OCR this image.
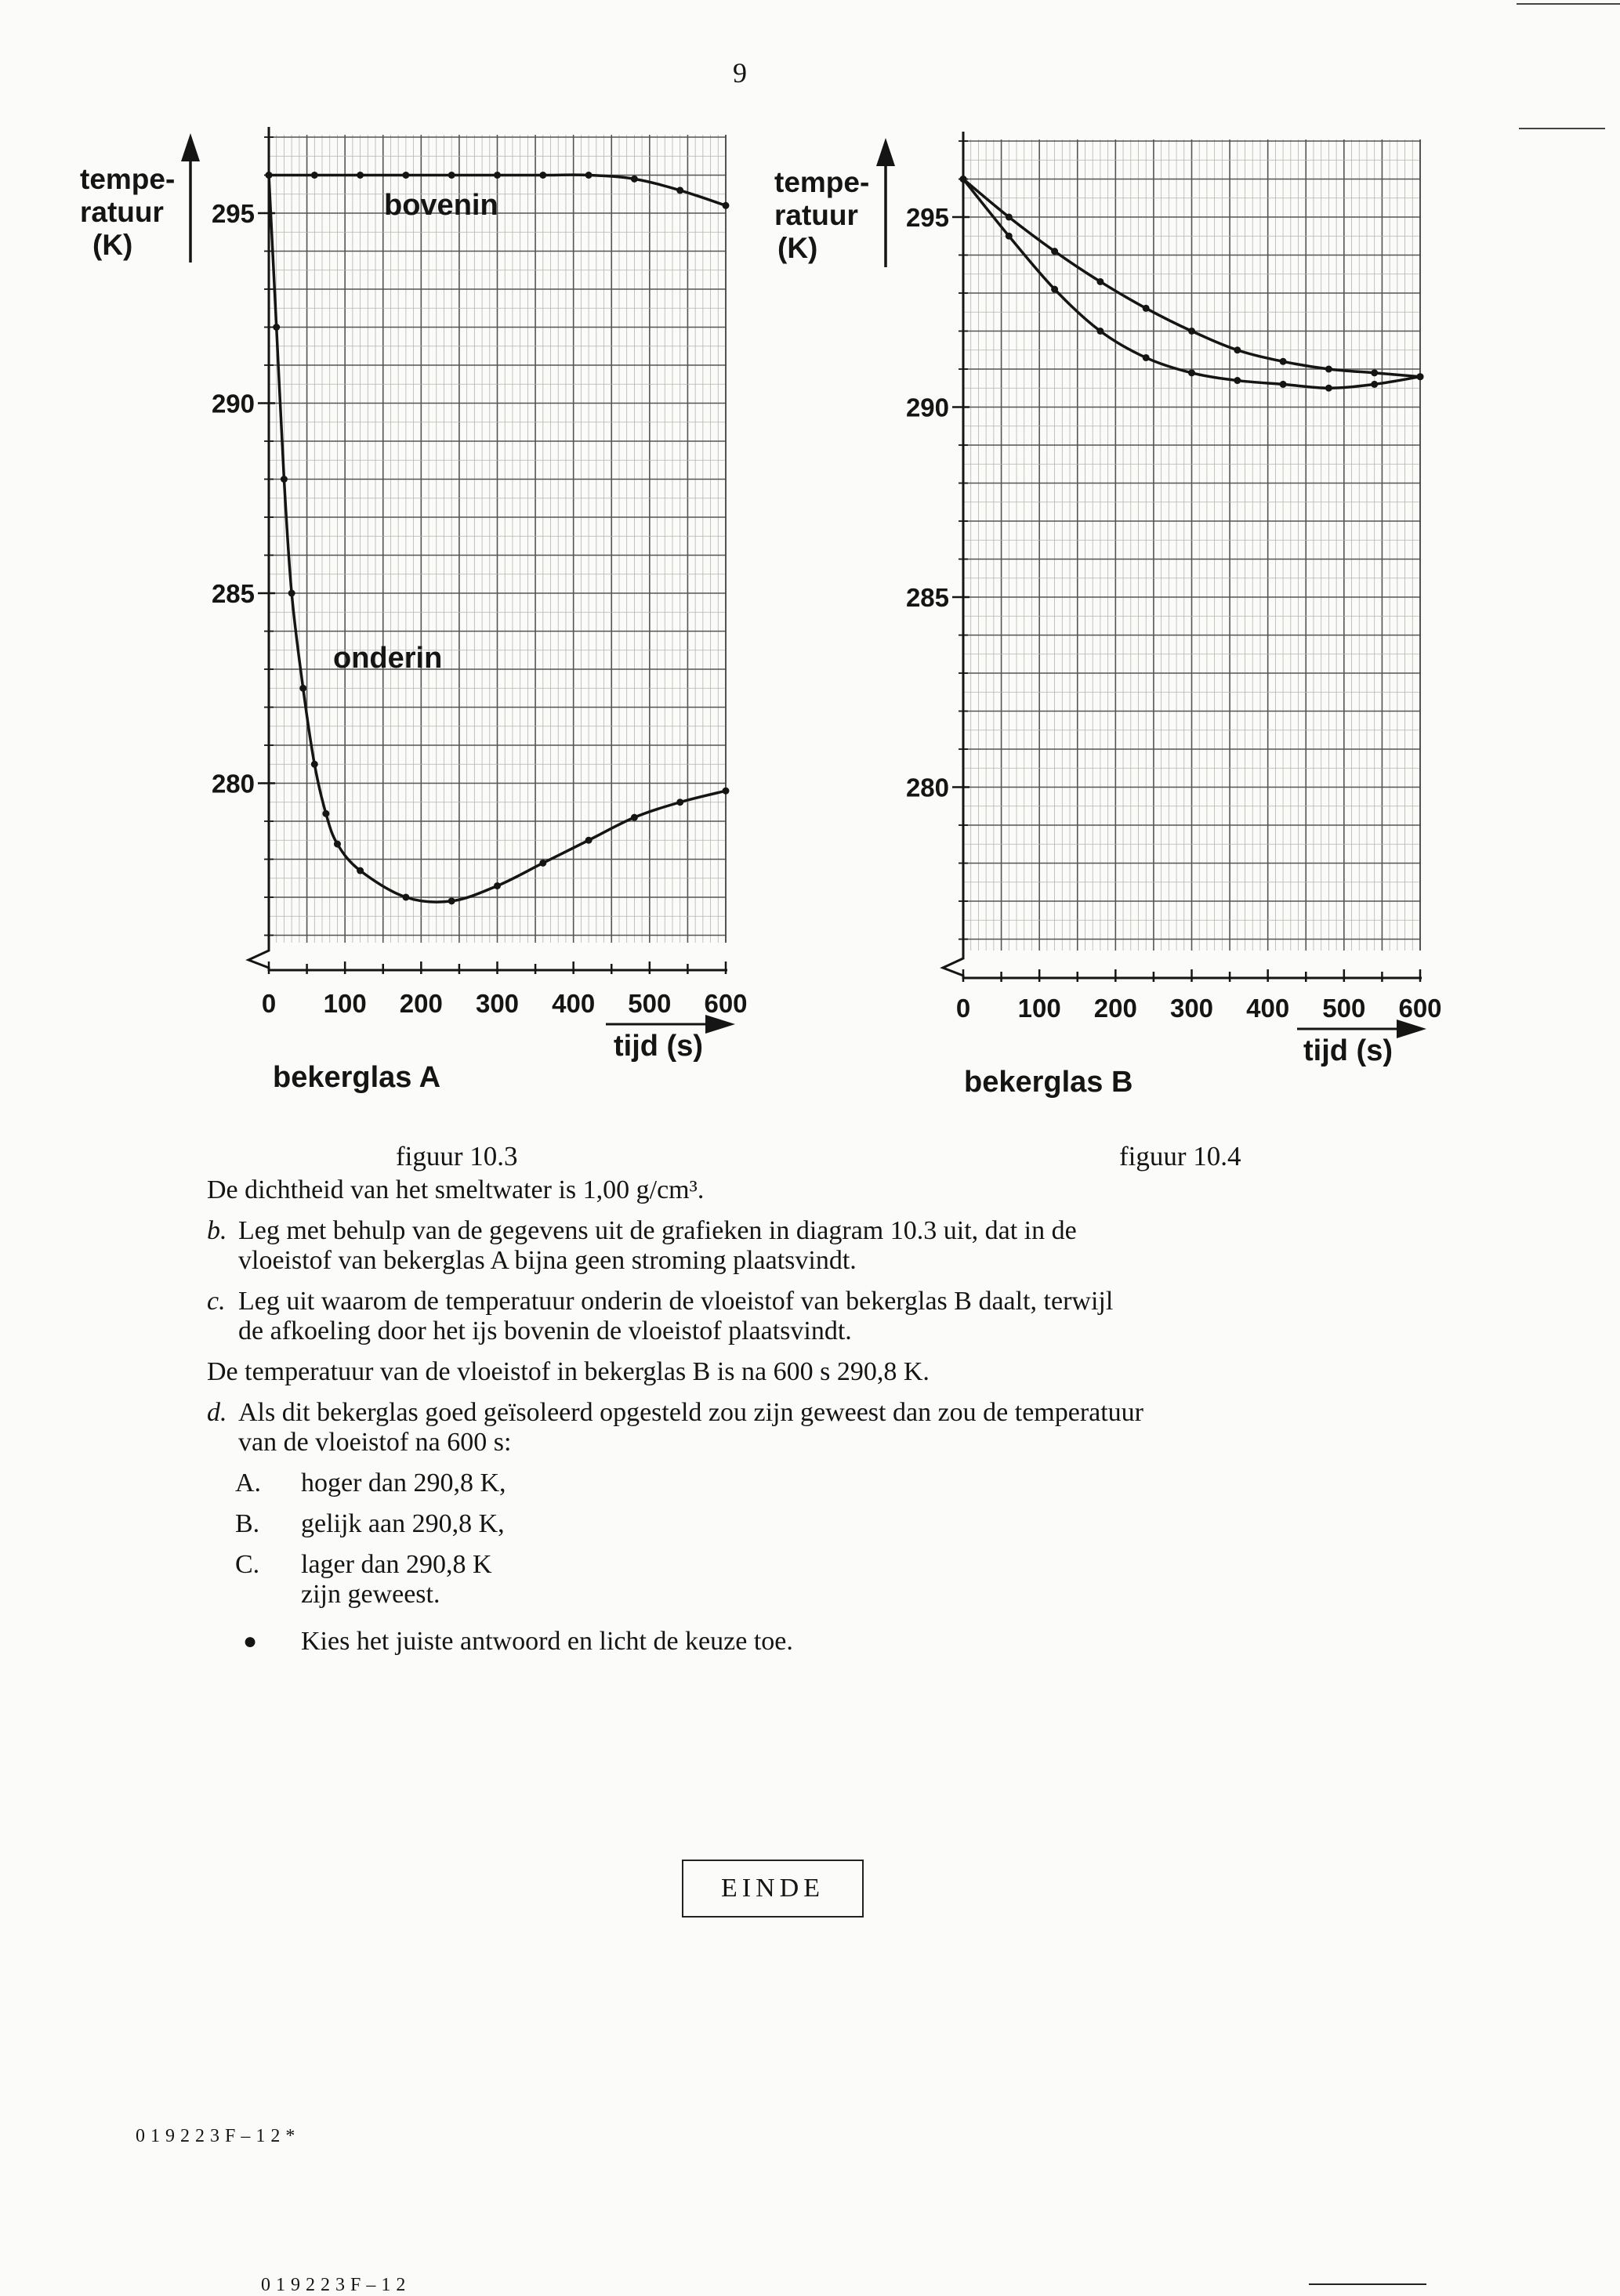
9
tempe-
ratuur
(K)
tijd (s)
bekerglas A
figuur 10.3
tempe-
ratuur
(K)
tijd (s)
bekerglas B
figuur 10.4
295
290
285
280
0 100 200 300 400 500 600
bovenin
onderin
295
290
285
280
0 100 200 300 400 500 600

De dichtheid van het smeltwater is 1,00 g/cm³.

b. Leg met behulp van de gegevens uit de grafieken in diagram 10.3 uit, dat in de
vloeistof van bekerglas A bijna geen stroming plaatsvindt.
c. Leg uit waarom de temperatuur onderin de vloeistof van bekerglas B daalt, terwijl
de afkoeling door het ijs bovenin de vloeistof plaatsvindt.

De temperatuur van de vloeistof in bekerglas B is na 600 s 290,8 K.

d. Als dit bekerglas goed geïsoleerd opgesteld zou zijn geweest dan zou de temperatuur
van de vloeistof na 600 s:
A. hoger dan 290,8 K,
B. gelijk aan 290,8 K,
C. lager dan 290,8 K
zijn geweest.
● Kies het juiste antwoord en licht de keuze toe.
EINDE
019223F–12*
019223F–12
